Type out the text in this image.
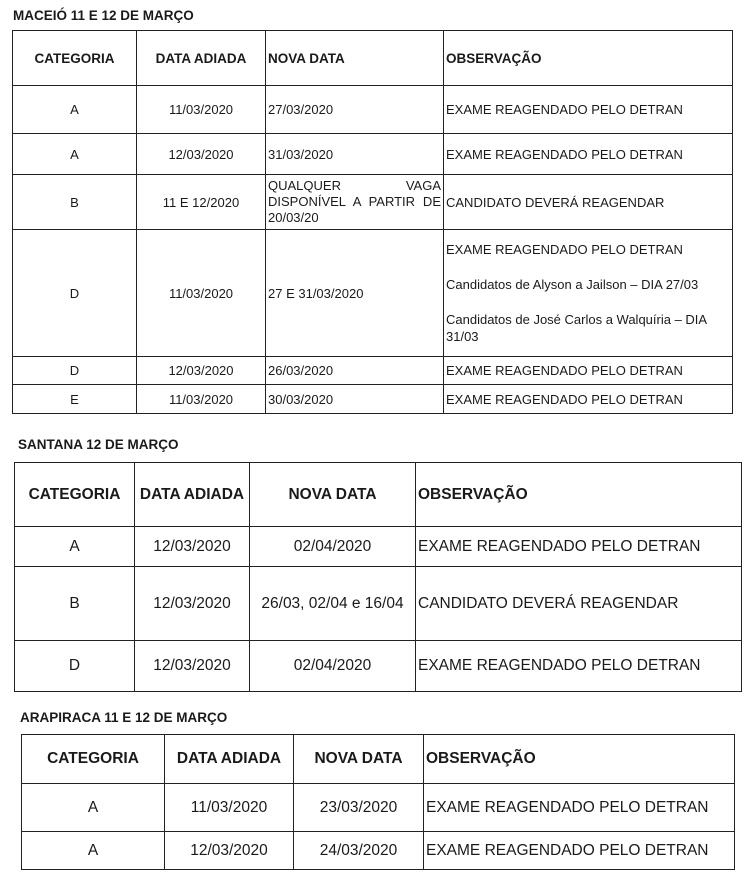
MACEIÓ 11 E 12 DE MARÇO
CATEGORIA	DATA ADIADA	NOVA DATA	OBSERVAÇÃO
A	11/03/2020	27/03/2020	EXAME REAGENDADO PELO DETRAN
A	12/03/2020	31/03/2020	EXAME REAGENDADO PELO DETRAN
B	11 E 12/2020	QUALQUER VAGA DISPONÍVEL A PARTIR DE 20/03/20	CANDIDATO DEVERÁ REAGENDAR
D	11/03/2020	27 E 31/03/2020	EXAME REAGENDADO PELO DETRAN
Candidatos de Alyson a Jailson – DIA 27/03
Candidatos de José Carlos a Walquíria – DIA 31/03

D	12/03/2020	26/03/2020	EXAME REAGENDADO PELO DETRAN
E	11/03/2020	30/03/2020	EXAME REAGENDADO PELO DETRAN
SANTANA 12 DE MARÇO
CATEGORIA	DATA ADIADA	NOVA DATA	OBSERVAÇÃO
A	12/03/2020	02/04/2020	EXAME REAGENDADO PELO DETRAN
B	12/03/2020	26/03, 02/04 e 16/04	CANDIDATO DEVERÁ REAGENDAR
D	12/03/2020	02/04/2020	EXAME REAGENDADO PELO DETRAN
ARAPIRACA 11 E 12 DE MARÇO
CATEGORIA	DATA ADIADA	NOVA DATA	OBSERVAÇÃO
A	11/03/2020	23/03/2020	EXAME REAGENDADO PELO DETRAN
A	12/03/2020	24/03/2020	EXAME REAGENDADO PELO DETRAN
